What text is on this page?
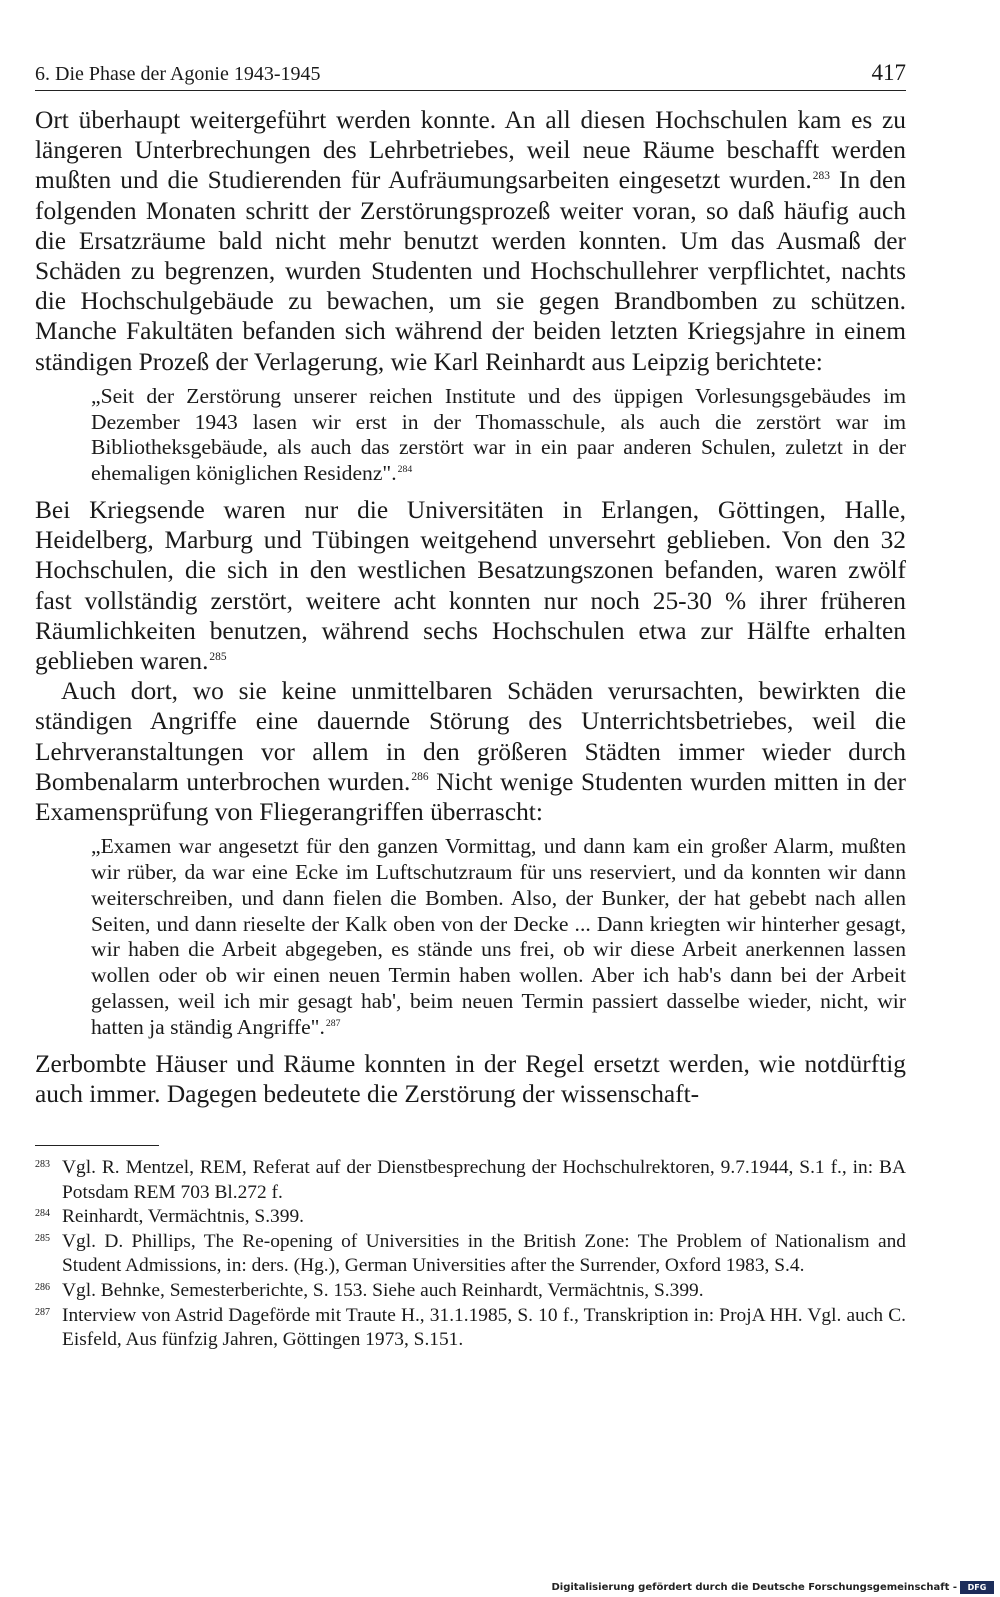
6. Die Phase der Agonie 1943-1945	417

Ort überhaupt weitergeführt werden konnte. An all diesen Hochschulen kam es zu längeren Unterbrechungen des Lehrbetriebes, weil neue Räume beschafft werden mußten und die Studierenden für Aufräumungsarbeiten eingesetzt wurden.$^{283}$ In den folgenden Monaten schritt der Zerstörungsprozeß weiter voran, so daß häufig auch die Ersatzräume bald nicht mehr benutzt werden konnten. Um das Ausmaß der Schäden zu begrenzen, wurden Studenten und Hochschullehrer verpflichtet, nachts die Hochschulgebäude zu bewachen, um sie gegen Brandbomben zu schützen. Manche Fakultäten befanden sich während der beiden letzten Kriegsjahre in einem ständigen Prozeß der Verlagerung, wie Karl Reinhardt aus Leipzig berichtete:

„Seit der Zerstörung unserer reichen Institute und des üppigen Vorlesungsgebäudes im Dezember 1943 lasen wir erst in der Thomasschule, als auch die zerstört war im Bibliotheksgebäude, als auch das zerstört war in ein paar anderen Schulen, zuletzt in der ehemaligen königlichen Residenz".$^{284}$

Bei Kriegsende waren nur die Universitäten in Erlangen, Göttingen, Halle, Heidelberg, Marburg und Tübingen weitgehend unversehrt geblieben. Von den 32 Hochschulen, die sich in den westlichen Besatzungszonen befanden, waren zwölf fast vollständig zerstört, weitere acht konnten nur noch 25-30 % ihrer früheren Räumlichkeiten benutzen, während sechs Hochschulen etwa zur Hälfte erhalten geblieben waren.$^{285}$

Auch dort, wo sie keine unmittelbaren Schäden verursachten, bewirkten die ständigen Angriffe eine dauernde Störung des Unterrichtsbetriebes, weil die Lehrveranstaltungen vor allem in den größeren Städten immer wieder durch Bombenalarm unterbrochen wurden.$^{286}$ Nicht wenige Studenten wurden mitten in der Examensprüfung von Fliegerangriffen überrascht:

„Examen war angesetzt für den ganzen Vormittag, und dann kam ein großer Alarm, mußten wir rüber, da war eine Ecke im Luftschutzraum für uns reserviert, und da konnten wir dann weiterschreiben, und dann fielen die Bomben. Also, der Bunker, der hat gebebt nach allen Seiten, und dann rieselte der Kalk oben von der Decke ... Dann kriegten wir hinterher gesagt, wir haben die Arbeit abgegeben, es stände uns frei, ob wir diese Arbeit anerkennen lassen wollen oder ob wir einen neuen Termin haben wollen. Aber ich hab's dann bei der Arbeit gelassen, weil ich mir gesagt hab', beim neuen Termin passiert dasselbe wieder, nicht, wir hatten ja ständig Angriffe".$^{287}$

Zerbombte Häuser und Räume konnten in der Regel ersetzt werden, wie notdürftig auch immer. Dagegen bedeutete die Zerstörung der wissenschaft-

283 Vgl. R. Mentzel, REM, Referat auf der Dienstbesprechung der Hochschulrektoren, 9.7.1944, S.1 f., in: BA Potsdam REM 703 Bl.272 f.
284 Reinhardt, Vermächtnis, S.399.
285 Vgl. D. Phillips, The Re-opening of Universities in the British Zone: The Problem of Nationalism and Student Admissions, in: ders. (Hg.), German Universities after the Surrender, Oxford 1983, S.4.
286 Vgl. Behnke, Semesterberichte, S. 153. Siehe auch Reinhardt, Vermächtnis, S.399.
287 Interview von Astrid Dageförde mit Traute H., 31.1.1985, S. 10 f., Transkription in: ProjA HH. Vgl. auch C. Eisfeld, Aus fünfzig Jahren, Göttingen 1973, S.151.
Digitalisierung gefördert durch die Deutsche Forschungsgemeinschaft -	DFG
